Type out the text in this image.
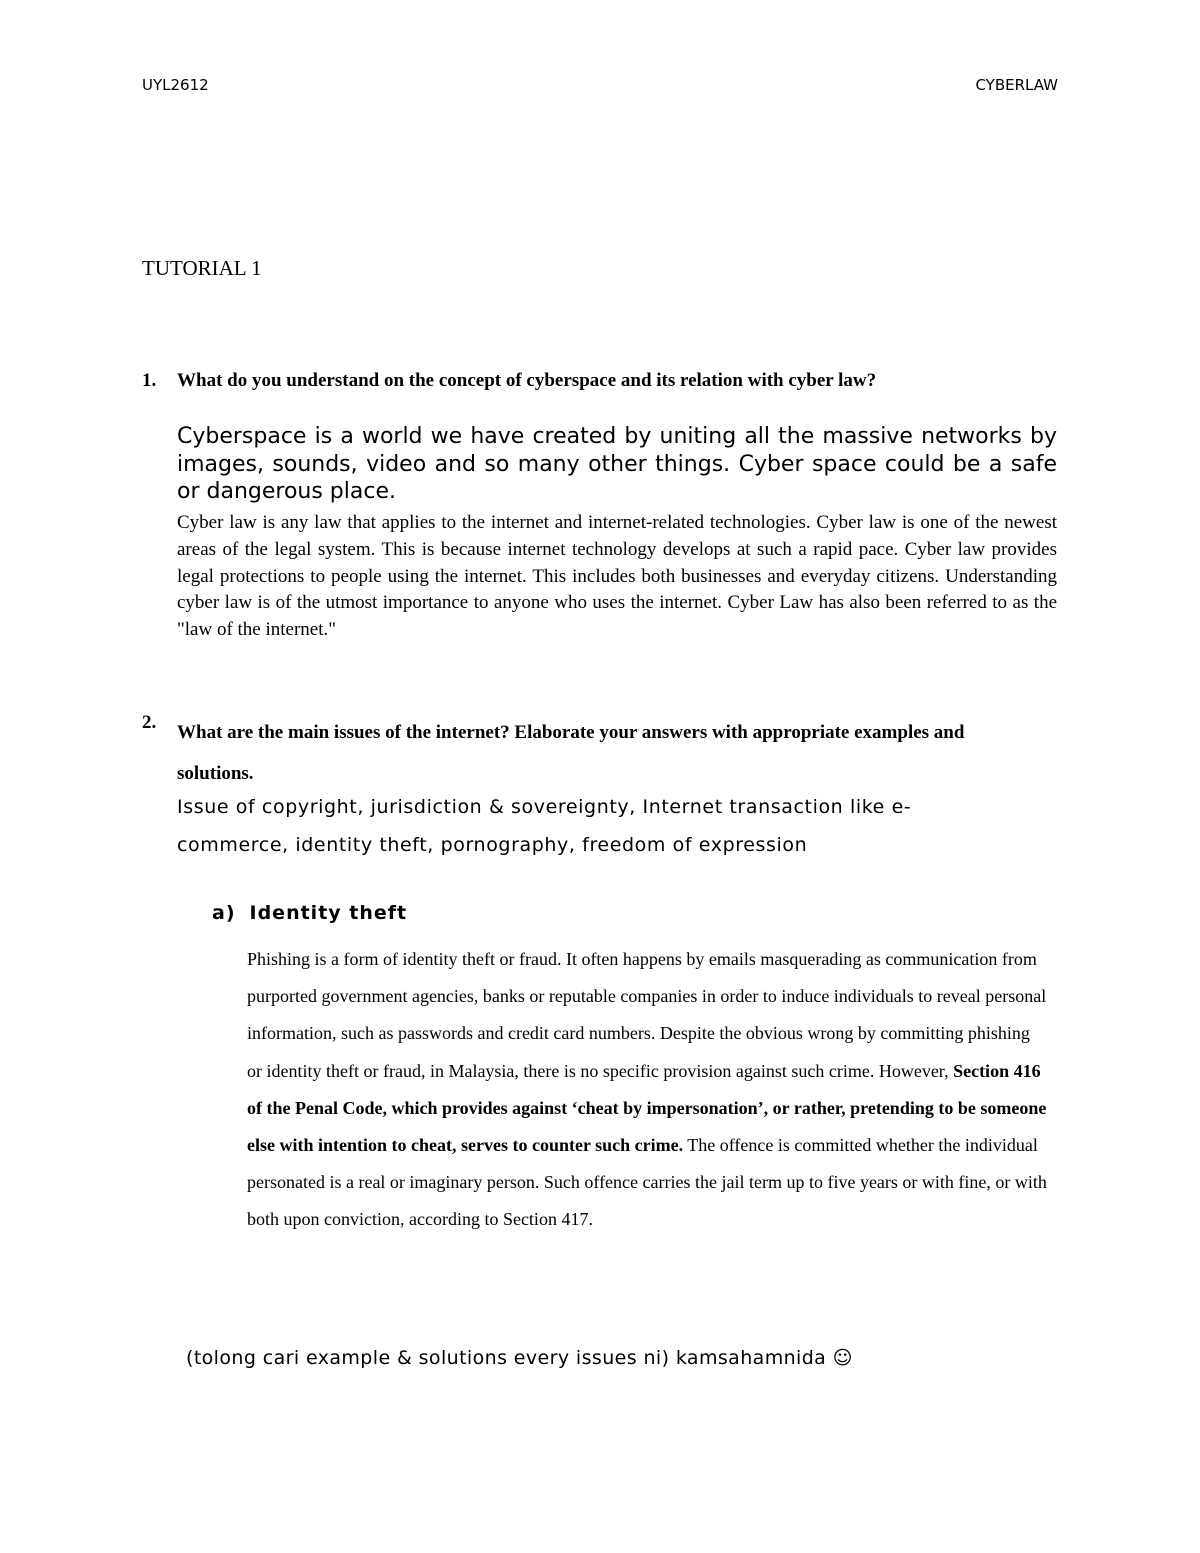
UYL2612	CYBERLAW
TUTORIAL 1
1. What do you understand on the concept of cyberspace and its relation with cyber law?
Cyberspace is a world we have created by uniting all the massive networks by images, sounds, video and so many other things. Cyber space could be a safe or dangerous place.
Cyber law is any law that applies to the internet and internet-related technologies. Cyber law is one of the newest areas of the legal system. This is because internet technology develops at such a rapid pace. Cyber law provides legal protections to people using the internet. This includes both businesses and everyday citizens. Understanding cyber law is of the utmost importance to anyone who uses the internet. Cyber Law has also been referred to as the "law of the internet."
2. What are the main issues of the internet? Elaborate your answers with appropriate examples and solutions.
Issue of copyright, jurisdiction & sovereignty, Internet transaction like e-commerce, identity theft, pornography, freedom of expression
a) Identity theft
Phishing is a form of identity theft or fraud. It often happens by emails masquerading as communication from purported government agencies, banks or reputable companies in order to induce individuals to reveal personal information, such as passwords and credit card numbers. Despite the obvious wrong by committing phishing or identity theft or fraud, in Malaysia, there is no specific provision against such crime. However, Section 416 of the Penal Code, which provides against ‘cheat by impersonation’, or rather, pretending to be someone else with intention to cheat, serves to counter such crime. The offence is committed whether the individual personated is a real or imaginary person. Such offence carries the jail term up to five years or with fine, or with both upon conviction, according to Section 417.
(tolong cari example & solutions every issues ni) kamsahamnida ☺
